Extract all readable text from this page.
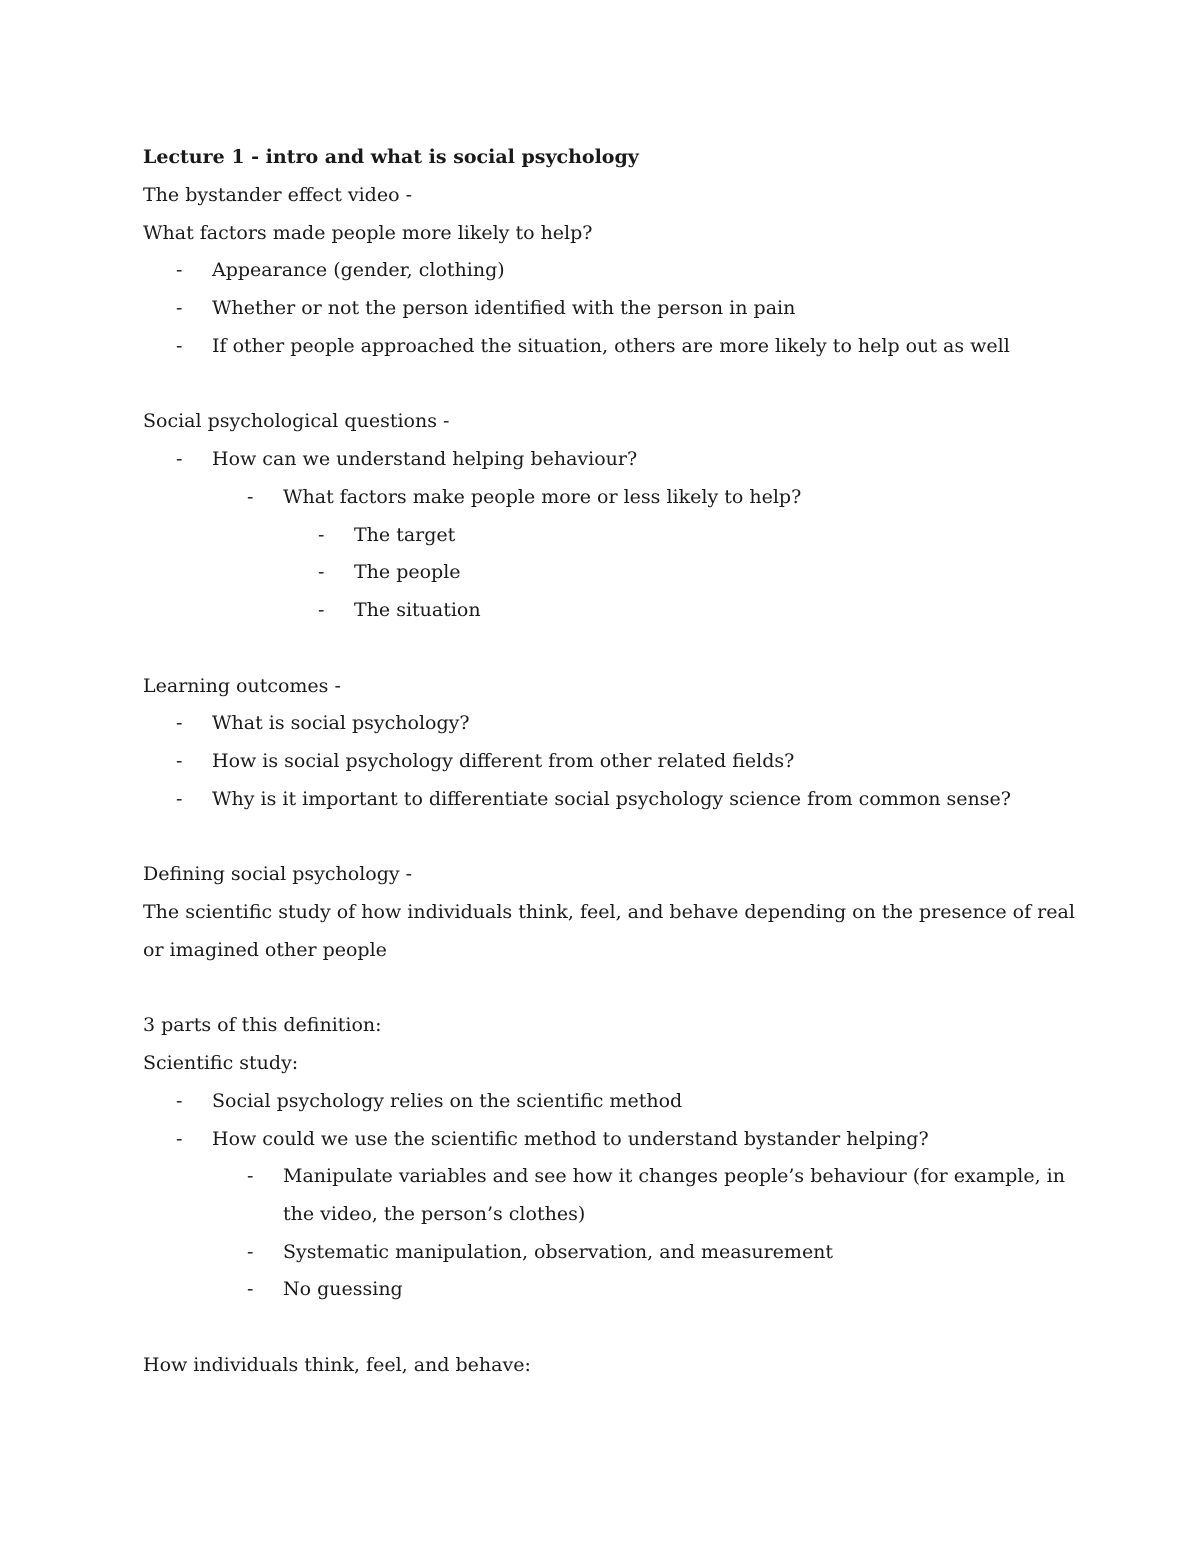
Lecture 1 - intro and what is social psychology
The bystander effect video -
What factors made people more likely to help?
- Appearance (gender, clothing)
- Whether or not the person identified with the person in pain
- If other people approached the situation, others are more likely to help out as well
Social psychological questions -
- How can we understand helping behaviour?
- What factors make people more or less likely to help?
- The target
- The people
- The situation
Learning outcomes -
- What is social psychology?
- How is social psychology different from other related fields?
- Why is it important to differentiate social psychology science from common sense?
Defining social psychology -
The scientific study of how individuals think, feel, and behave depending on the presence of real
or imagined other people
3 parts of this definition:
Scientific study:
- Social psychology relies on the scientific method
- How could we use the scientific method to understand bystander helping?
- Manipulate variables and see how it changes people’s behaviour (for example, in
the video, the person’s clothes)
- Systematic manipulation, observation, and measurement
- No guessing
How individuals think, feel, and behave:
